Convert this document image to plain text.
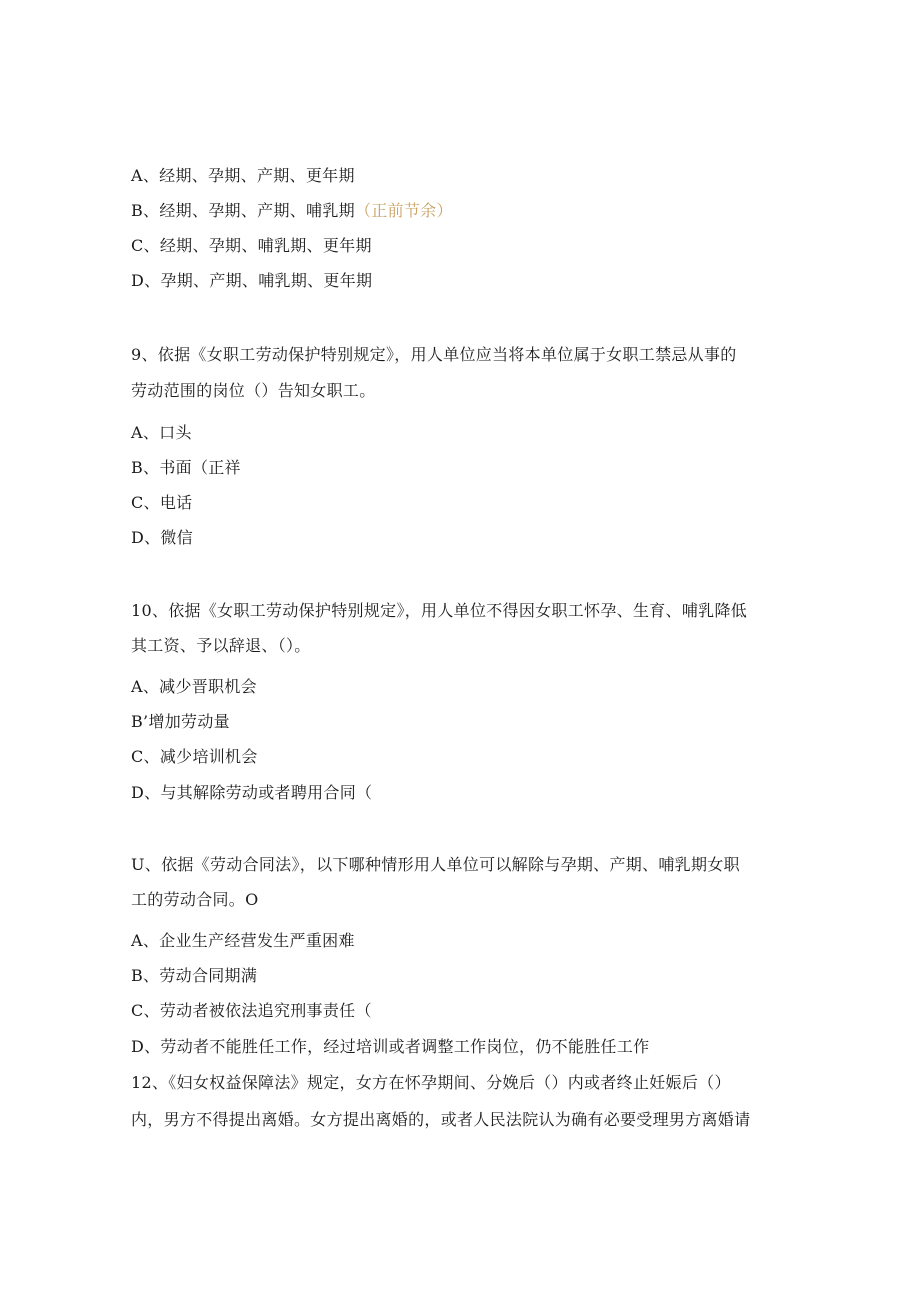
A、经期、孕期、产期、更年期
B、经期、孕期、产期、哺乳期（正前节余）
C、经期、孕期、哺乳期、更年期
D、孕期、产期、哺乳期、更年期
9、依据《女职工劳动保护特别规定》，用人单位应当将本单位属于女职工禁忌从事的
劳动范围的岗位（）告知女职工。
A、口头
B、书面（正祥
C、电话
D、微信
10、依据《女职工劳动保护特别规定》，用人单位不得因女职工怀孕、生育、哺乳降低
其工资、予以辞退、（）。
A、减少晋职机会
B’增加劳动量
C、减少培训机会
D、与其解除劳动或者聘用合同（
U、依据《劳动合同法》，以下哪种情形用人单位可以解除与孕期、产期、哺乳期女职
工的劳动合同。O
A、企业生产经营发生严重困难
B、劳动合同期满
C、劳动者被依法追究刑事责任（
D、劳动者不能胜任工作，经过培训或者调整工作岗位，仍不能胜任工作
12、《妇女权益保障法》规定，女方在怀孕期间、分娩后（）内或者终止妊娠后（）
内，男方不得提出离婚。女方提出离婚的，或者人民法院认为确有必要受理男方离婚请
